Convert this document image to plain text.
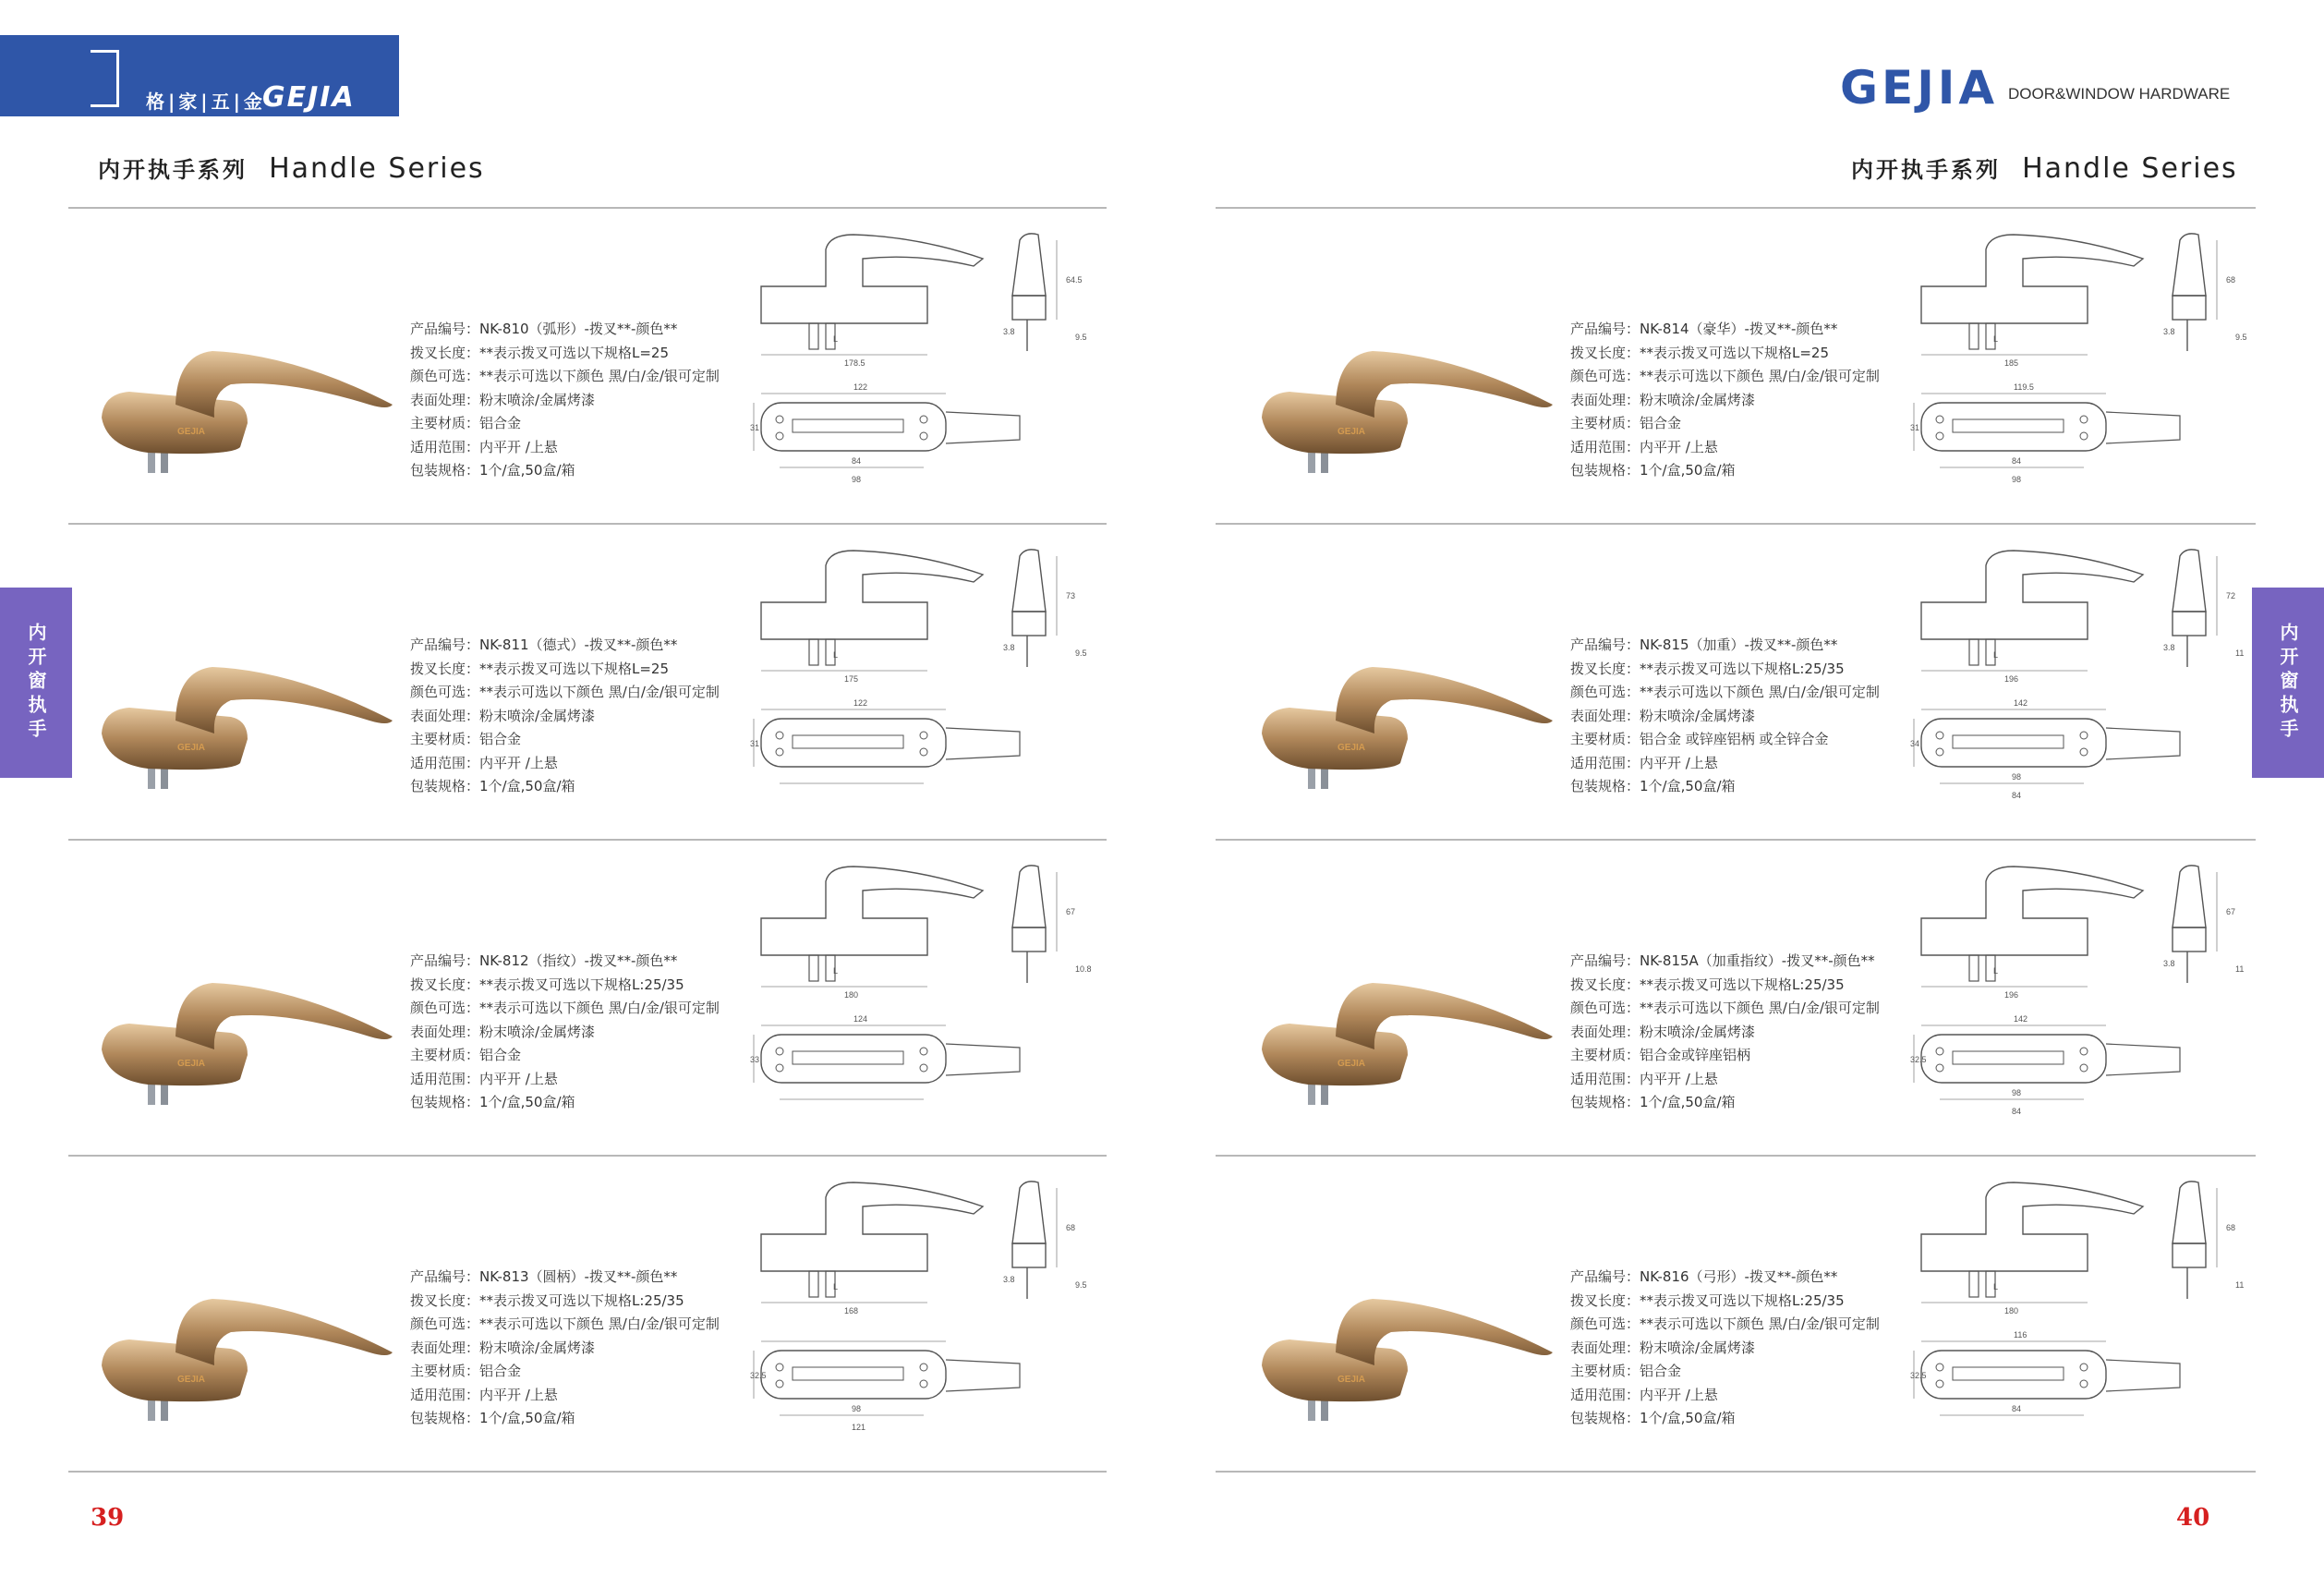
格|家|五|金
GEJIA	GEJIA DOOR&WINDOW HARDWARE
内开执手系列 Handle Series	内开执手系列 Handle Series
内开窗执手	内开窗执手
39	40
GEJIA
产品编号：NK-810（弧形）-拨叉**-颜色**
拨叉长度：**表示拨叉可选以下规格L=25
颜色可选：**表示可选以下颜色 黑/白/金/银可定制
表面处理：粉末喷涂/金属烤漆
主要材质：铝合金
适用范围：内平开 /上悬
包装规格：1个/盒,50盒/箱
178.5
64.5
3.8
9.5
122
84
98
31
L
GEJIA
产品编号：NK-811（德式）-拨叉**-颜色**
拨叉长度：**表示拨叉可选以下规格L=25
颜色可选：**表示可选以下颜色 黑/白/金/银可定制
表面处理：粉末喷涂/金属烤漆
主要材质：铝合金
适用范围：内平开 /上悬
包装规格：1个/盒,50盒/箱
175
73
3.8
9.5
122
31
L
GEJIA
产品编号：NK-812（指纹）-拨叉**-颜色**
拨叉长度：**表示拨叉可选以下规格L:25/35
颜色可选：**表示可选以下颜色 黑/白/金/银可定制
表面处理：粉末喷涂/金属烤漆
主要材质：铝合金
适用范围：内平开 /上悬
包装规格：1个/盒,50盒/箱
180
67
10.8
124
33
L
GEJIA
产品编号：NK-813（圆柄）-拨叉**-颜色**
拨叉长度：**表示拨叉可选以下规格L:25/35
颜色可选：**表示可选以下颜色 黑/白/金/银可定制
表面处理：粉末喷涂/金属烤漆
主要材质：铝合金
适用范围：内平开 /上悬
包装规格：1个/盒,50盒/箱
168
68
3.8
9.5
98
121
32.5
L
GEJIA
产品编号：NK-814（豪华）-拨叉**-颜色**
拨叉长度：**表示拨叉可选以下规格L=25
颜色可选：**表示可选以下颜色 黑/白/金/银可定制
表面处理：粉末喷涂/金属烤漆
主要材质：铝合金
适用范围：内平开 /上悬
包装规格：1个/盒,50盒/箱
185
68
3.8
9.5
119.5
84
98
31
L
GEJIA
产品编号：NK-815（加重）-拨叉**-颜色**
拨叉长度：**表示拨叉可选以下规格L:25/35
颜色可选：**表示可选以下颜色 黑/白/金/银可定制
表面处理：粉末喷涂/金属烤漆
主要材质：铝合金 或锌座铝柄 或全锌合金
适用范围：内平开 /上悬
包装规格：1个/盒,50盒/箱
196
72
3.8
11
142
98
84
34
L
GEJIA
产品编号：NK-815A（加重指纹）-拨叉**-颜色**
拨叉长度：**表示拨叉可选以下规格L:25/35
颜色可选：**表示可选以下颜色 黑/白/金/银可定制
表面处理：粉末喷涂/金属烤漆
主要材质：铝合金或锌座铝柄
适用范围：内平开 /上悬
包装规格：1个/盒,50盒/箱
196
67
3.8
11
142
98
84
32.5
L
GEJIA
产品编号：NK-816（弓形）-拨叉**-颜色**
拨叉长度：**表示拨叉可选以下规格L:25/35
颜色可选：**表示可选以下颜色 黑/白/金/银可定制
表面处理：粉末喷涂/金属烤漆
主要材质：铝合金
适用范围：内平开 /上悬
包装规格：1个/盒,50盒/箱
180
68
11
116
84
32.5
L
